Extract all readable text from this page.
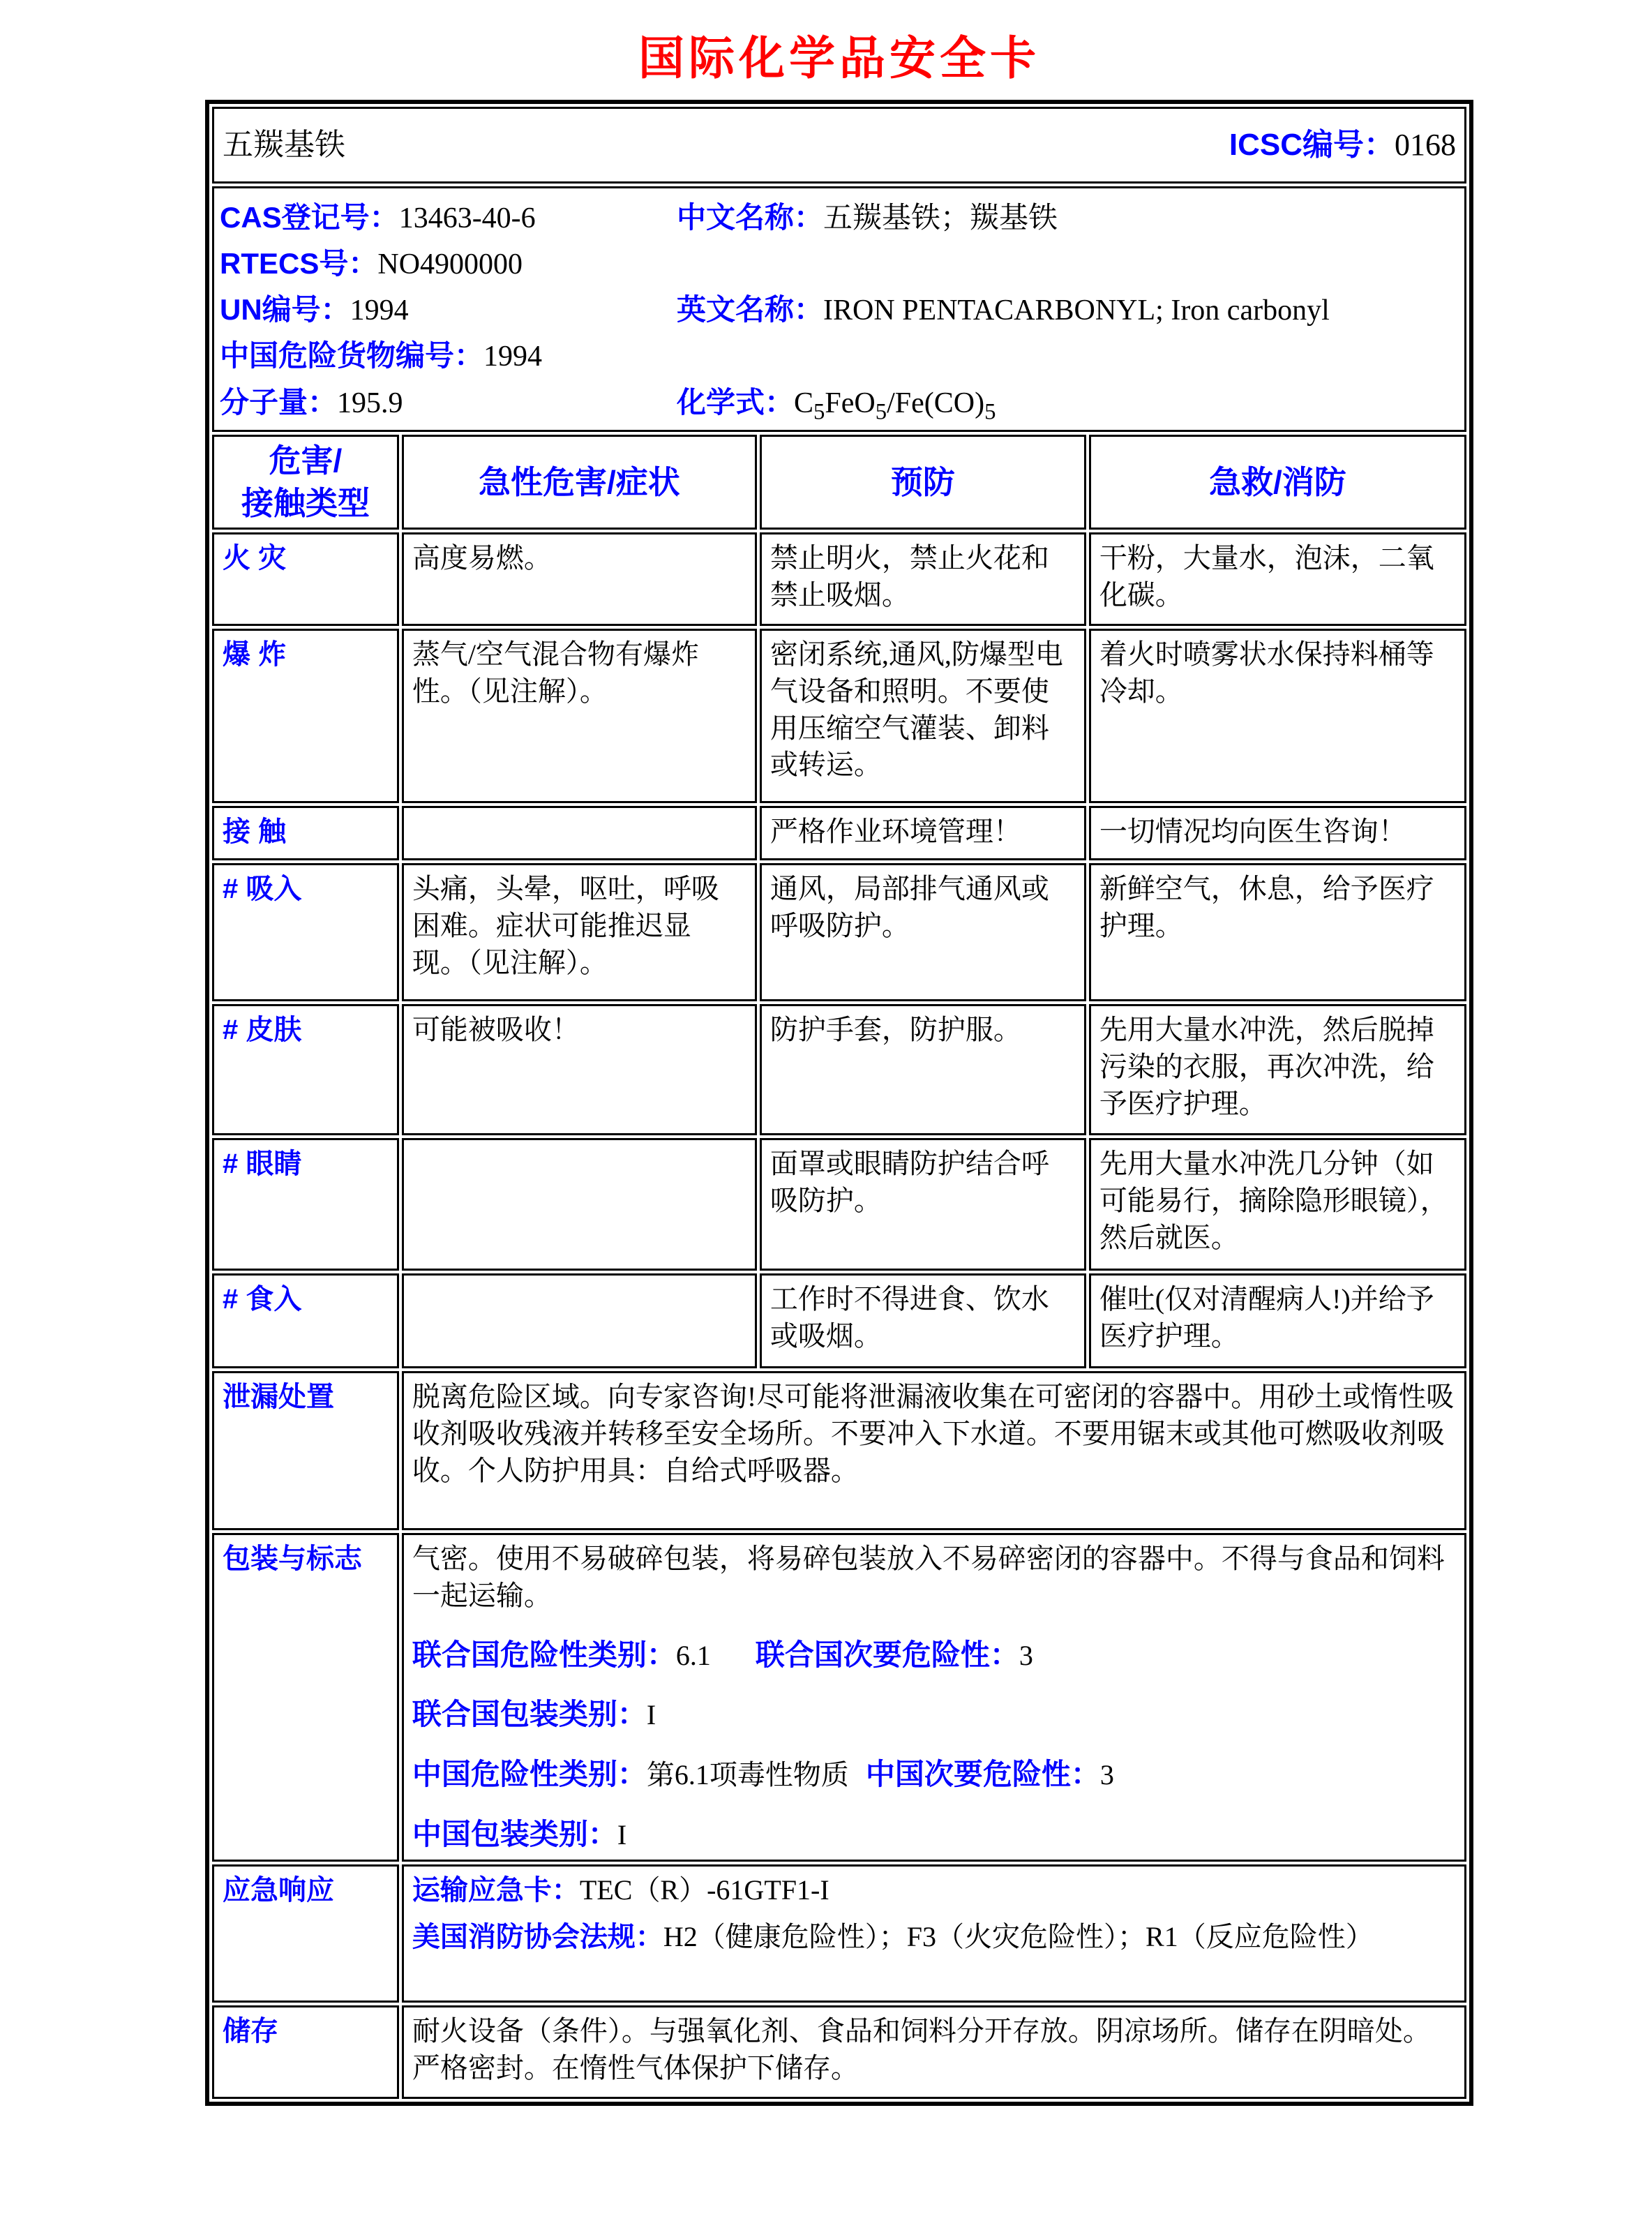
国际化学品安全卡
五羰基铁 ICSC编号：0168			

CAS登记号：13463-40-6
RTECS号：NO4900000
UN编号：1994
中国危险货物编号：1994
分子量：195.9
中文名称：五羰基铁；羰基铁
英文名称：IRON PENTACARBONYL; Iron carbonyl
化学式：$C_5FeO_5/Fe(CO)_5$

危害/接触类型	急性危害/症状	预防	急救/消防
火 灾	高度易燃。	禁止明火，禁止火花和禁止吸烟。	干粉，大量水，泡沫，二氧化碳。
爆 炸	蒸气/空气混合物有爆炸性。（见注解）。	密闭系统,通风,防爆型电气设备和照明。不要使用压缩空气灌装、卸料或转运。	着火时喷雾状水保持料桶等冷却。
接 触		严格作业环境管理！	一切情况均向医生咨询！
# 吸入	头痛，头晕，呕吐，呼吸困难。症状可能推迟显现。（见注解）。	通风，局部排气通风或呼吸防护。	新鲜空气，休息，给予医疗护理。
# 皮肤	可能被吸收！	防护手套，防护服。	先用大量水冲洗，然后脱掉污染的衣服，再次冲洗，给予医疗护理。
# 眼睛		面罩或眼睛防护结合呼吸防护。	先用大量水冲洗几分钟（如可能易行，摘除隐形眼镜），然后就医。
# 食入		工作时不得进食、饮水或吸烟。	催吐(仅对清醒病人!)并给予医疗护理。
泄漏处置	脱离危险区域。向专家咨询!尽可能将泄漏液收集在可密闭的容器中。用砂土或惰性吸收剂吸收残液并转移至安全场所。不要冲入下水道。不要用锯末或其他可燃吸收剂吸收。个人防护用具：自给式呼吸器。		
包装与标志	气密。使用不易破碎包装，将易碎包装放入不易碎密闭的容器中。不得与食品和饲料一起运输。
联合国危险性类别：6.1 联合国次要危险性：3
联合国包装类别：I
中国危险性类别：第6.1项毒性物质 中国次要危险性：3
中国包装类别：I		

应急响应	运输应急卡：TEC（R）-61GTF1-I
美国消防协会法规：H2（健康危险性）；F3（火灾危险性）；R1（反应危险性）		

储存	耐火设备（条件）。与强氧化剂、食品和饲料分开存放。阴凉场所。储存在阴暗处。严格密封。在惰性气体保护下储存。		
